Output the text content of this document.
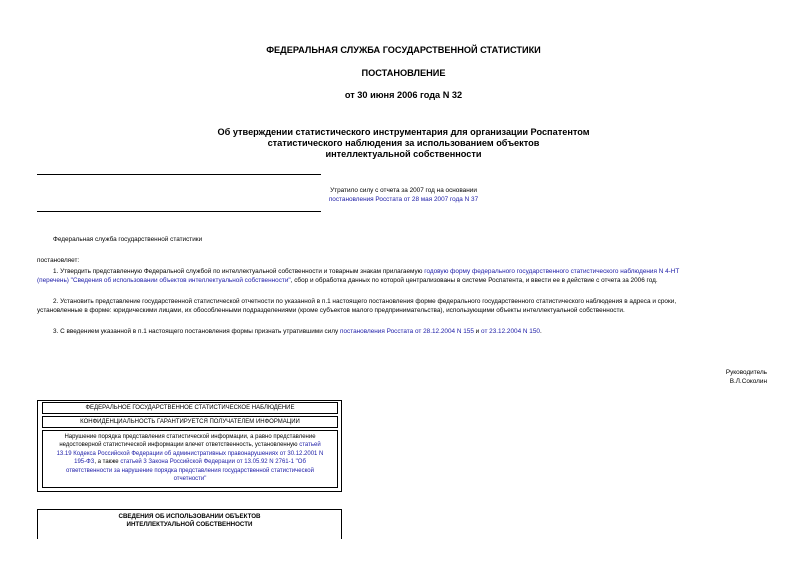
ФЕДЕРАЛЬНАЯ СЛУЖБА ГОСУДАРСТВЕННОЙ СТАТИСТИКИ
ПОСТАНОВЛЕНИЕ
от 30 июня 2006 года N 32
Об утверждении статистического инструментария для организации Роспатентом
статистического наблюдения за использованием объектов
интеллектуальной собственности
Утратило силу с отчета за 2007 год на основании
постановления Росстата от 28 мая 2007 года N 37
Федеральная служба государственной статистики
постановляет:

1. Утвердить представленную Федеральной службой по интеллектуальной собственности и товарным знакам прилагаемую годовую форму федерального государственного статистического наблюдения N 4-НТ

(перечень) "Сведения об использовании объектов интеллектуальной собственности", сбор и обработка данных по которой централизованы в системе Роспатента, и ввести ее в действие с отчета за 2006 год.

2. Установить представление государственной статистической отчетности по указанной в п.1 настоящего постановления форме федерального государственного статистического наблюдения в адреса и сроки,

установленные в форме: юридическими лицами, их обособленными подразделениями (кроме субъектов малого предпринимательства), использующими объекты интеллектуальной собственности.

3. С введением указанной в п.1 настоящего постановления формы признать утратившими силу постановления Росстата от 28.12.2004 N 155 и от 23.12.2004 N 150.
Руководитель
В.Л.Соколин
ФЕДЕРАЛЬНОЕ ГОСУДАРСТВЕННОЕ СТАТИСТИЧЕСКОЕ НАБЛЮДЕНИЕ
КОНФИДЕНЦИАЛЬНОСТЬ ГАРАНТИРУЕТСЯ ПОЛУЧАТЕЛЕМ ИНФОРМАЦИИ
Нарушение порядка представления статистической информации, а равно представление
недостоверной статистической информации влечет ответственность, установленную статьей
13.19 Кодекса Российской Федерации об административных правонарушениях от 30.12.2001 N
195-ФЗ, а также статьей 3 Закона Российской Федерации от 13.05.92 N 2761-1 "Об
ответственности за нарушение порядка представления государственной статистической
отчетности"
СВЕДЕНИЯ ОБ ИСПОЛЬЗОВАНИИ ОБЪЕКТОВ
ИНТЕЛЛЕКТУАЛЬНОЙ СОБСТВЕННОСТИ
